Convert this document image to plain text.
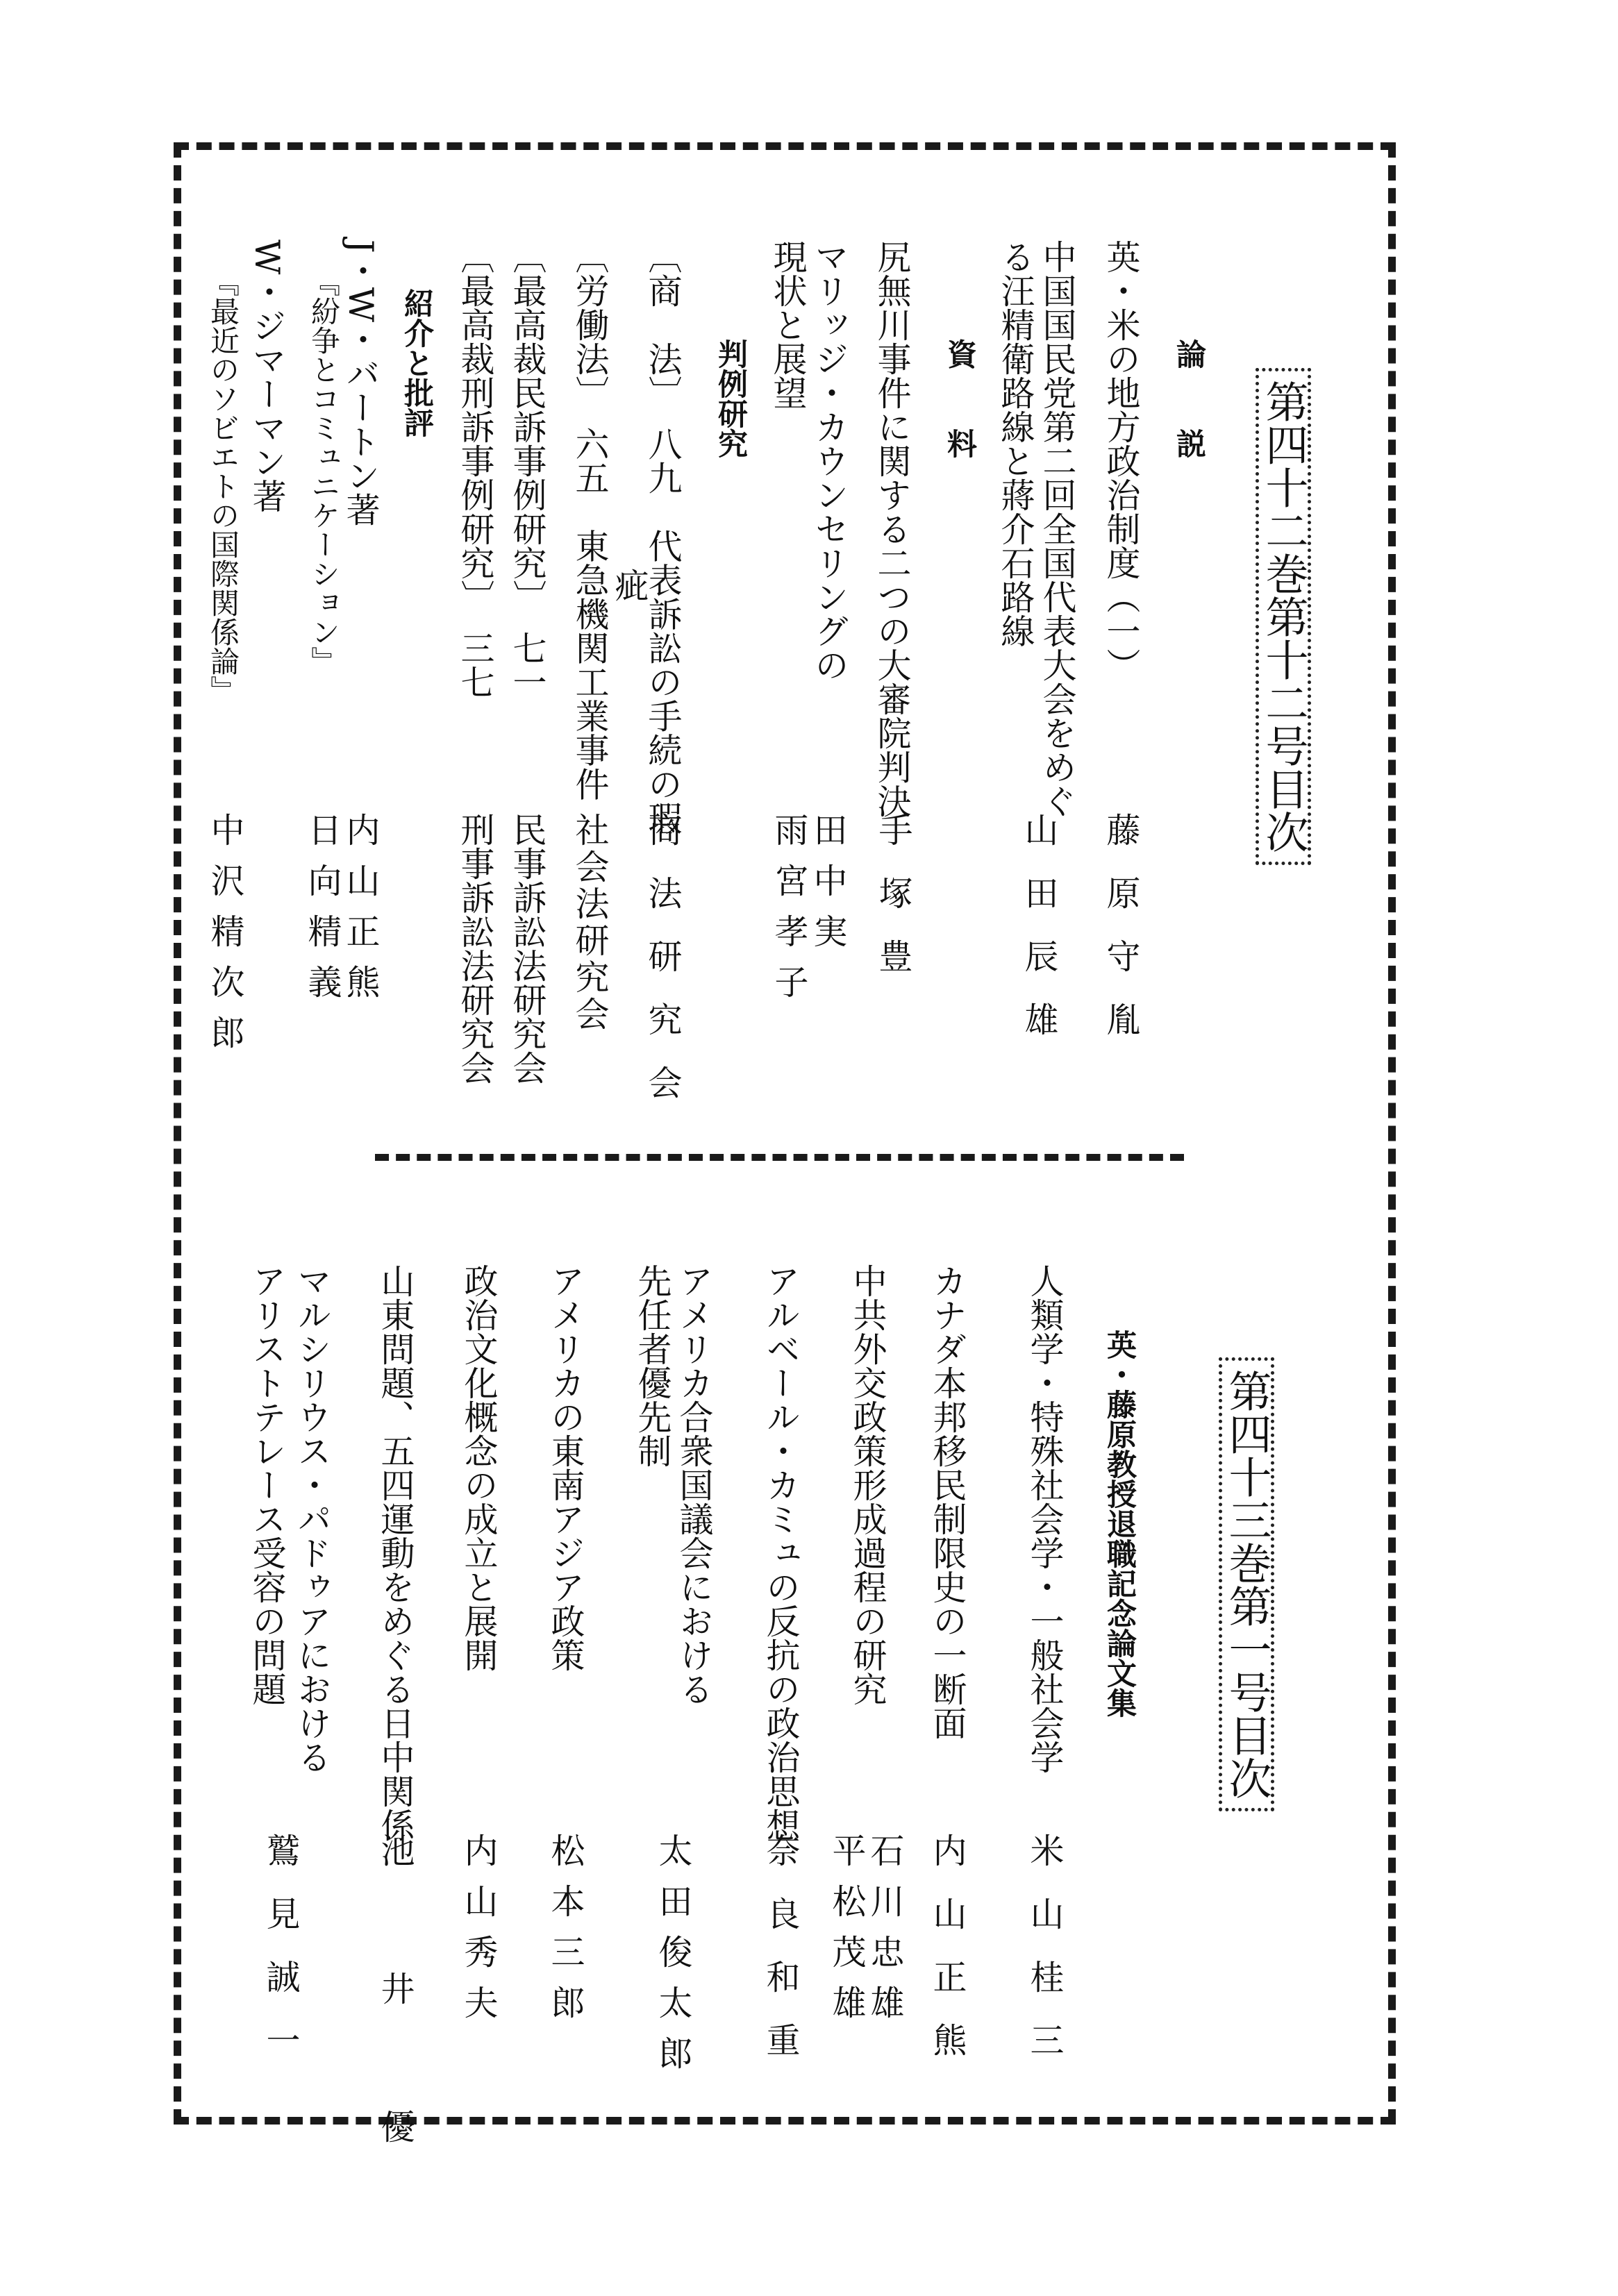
第四十二巻第十二号目次
論　　説
英・米の地方政治制度（一）
藤原守胤
中国国民党第二回全国代表大会をめぐ
る汪精衛路線と蔣介石路線
山田辰雄
資　　料
尻無川事件に関する二つの大審院判決
手塚豊
マリッジ・カウンセリングの
現状と展望
田中実
雨宮孝子
判例研究
〔商　法〕　八九　代表訴訟の手続の瑕
疵
商法研究会
〔労働法〕　六五　東急機関工業事件
社会法研究会
〔最高裁民訴事例研究〕　七一
民事訴訟法研究会
〔最高裁刑訴事例研究〕　三七
刑事訴訟法研究会
紹介と批評
J・W・バートン著
『紛争とコミュニケーション』
内山正熊
日向精義
W・ジマーマン著
『最近のソビエトの国際関係論』
中沢精次郎
第四十三巻第一号目次
英・藤原教授退職記念論文集
人類学・特殊社会学・一般社会学
米山桂三
カナダ本邦移民制限史の一断面
内山正熊
中共外交政策形成過程の研究
石川忠雄
平松茂雄
アルベール・カミュの反抗の政治思想
奈良和重
アメリカ合衆国議会における
先任者優先制
太田俊太郎
アメリカの東南アジア政策
松本三郎
政治文化概念の成立と展開
内山秀夫
山東問題、五四運動をめぐる日中関係
池井優
マルシリウス・パドゥアにおける
アリストテレース受容の問題
鷲見誠一
